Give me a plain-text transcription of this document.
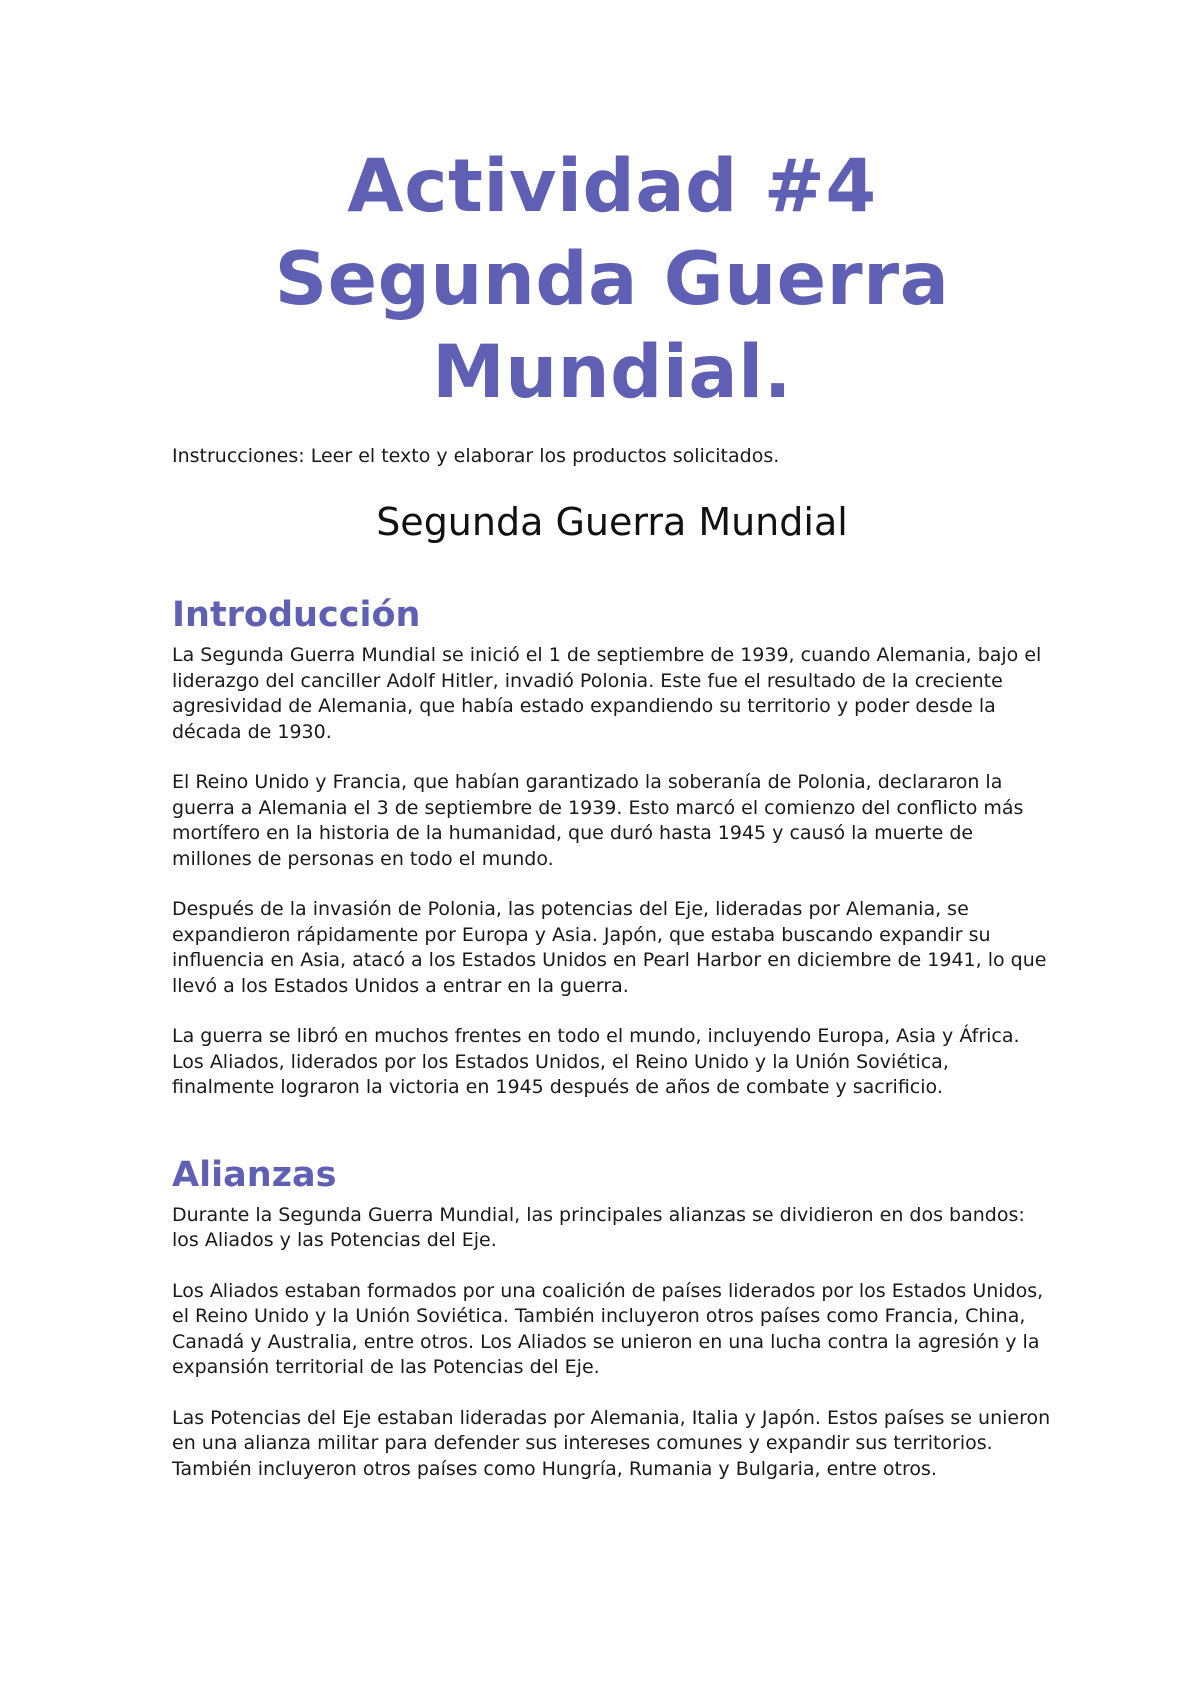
Actividad #4
Segunda Guerra
Mundial.

Instrucciones: Leer el texto y elaborar los productos solicitados.

Segunda Guerra Mundial
Introducción

La Segunda Guerra Mundial se inició el 1 de septiembre de 1939, cuando Alemania, bajo el liderazgo del canciller Adolf Hitler, invadió Polonia. Este fue el resultado de la creciente agresividad de Alemania, que había estado expandiendo su territorio y poder desde la década de 1930.

El Reino Unido y Francia, que habían garantizado la soberanía de Polonia, declararon la guerra a Alemania el 3 de septiembre de 1939. Esto marcó el comienzo del conflicto más mortífero en la historia de la humanidad, que duró hasta 1945 y causó la muerte de millones de personas en todo el mundo.

Después de la invasión de Polonia, las potencias del Eje, lideradas por Alemania, se expandieron rápidamente por Europa y Asia. Japón, que estaba buscando expandir su influencia en Asia, atacó a los Estados Unidos en Pearl Harbor en diciembre de 1941, lo que llevó a los Estados Unidos a entrar en la guerra.

La guerra se libró en muchos frentes en todo el mundo, incluyendo Europa, Asia y África. Los Aliados, liderados por los Estados Unidos, el Reino Unido y la Unión Soviética, finalmente lograron la victoria en 1945 después de años de combate y sacrificio.

Alianzas

Durante la Segunda Guerra Mundial, las principales alianzas se dividieron en dos bandos: los Aliados y las Potencias del Eje.

Los Aliados estaban formados por una coalición de países liderados por los Estados Unidos, el Reino Unido y la Unión Soviética. También incluyeron otros países como Francia, China, Canadá y Australia, entre otros. Los Aliados se unieron en una lucha contra la agresión y la expansión territorial de las Potencias del Eje.

Las Potencias del Eje estaban lideradas por Alemania, Italia y Japón. Estos países se unieron en una alianza militar para defender sus intereses comunes y expandir sus territorios. También incluyeron otros países como Hungría, Rumania y Bulgaria, entre otros.
